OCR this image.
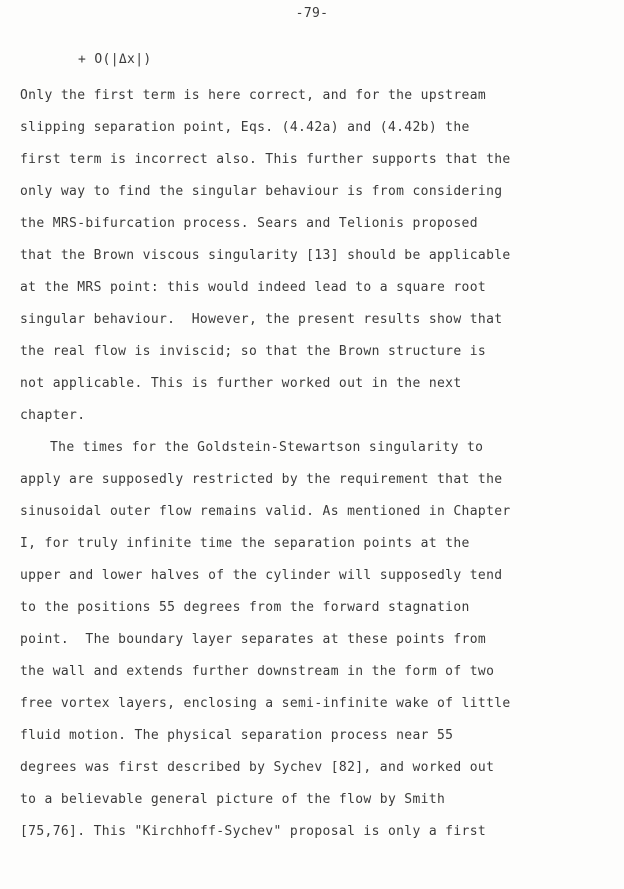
-79-
+ O(|Δx|)
Only the first term is here correct, and for the upstream
slipping separation point, Eqs. (4.42a) and (4.42b) the
first term is incorrect also. This further supports that the
only way to find the singular behaviour is from considering
the MRS-bifurcation process. Sears and Telionis proposed
that the Brown viscous singularity [13] should be applicable
at the MRS point: this would indeed lead to a square root
singular behaviour.  However, the present results show that
the real flow is inviscid; so that the Brown structure is
not applicable. This is further worked out in the next
chapter.
The times for the Goldstein-Stewartson singularity to
apply are supposedly restricted by the requirement that the
sinusoidal outer flow remains valid. As mentioned in Chapter
I, for truly infinite time the separation points at the
upper and lower halves of the cylinder will supposedly tend
to the positions 55 degrees from the forward stagnation
point.  The boundary layer separates at these points from
the wall and extends further downstream in the form of two
free vortex layers, enclosing a semi-infinite wake of little
fluid motion. The physical separation process near 55
degrees was first described by Sychev [82], and worked out
to a believable general picture of the flow by Smith
[75,76]. This "Kirchhoff-Sychev" proposal is only a first
